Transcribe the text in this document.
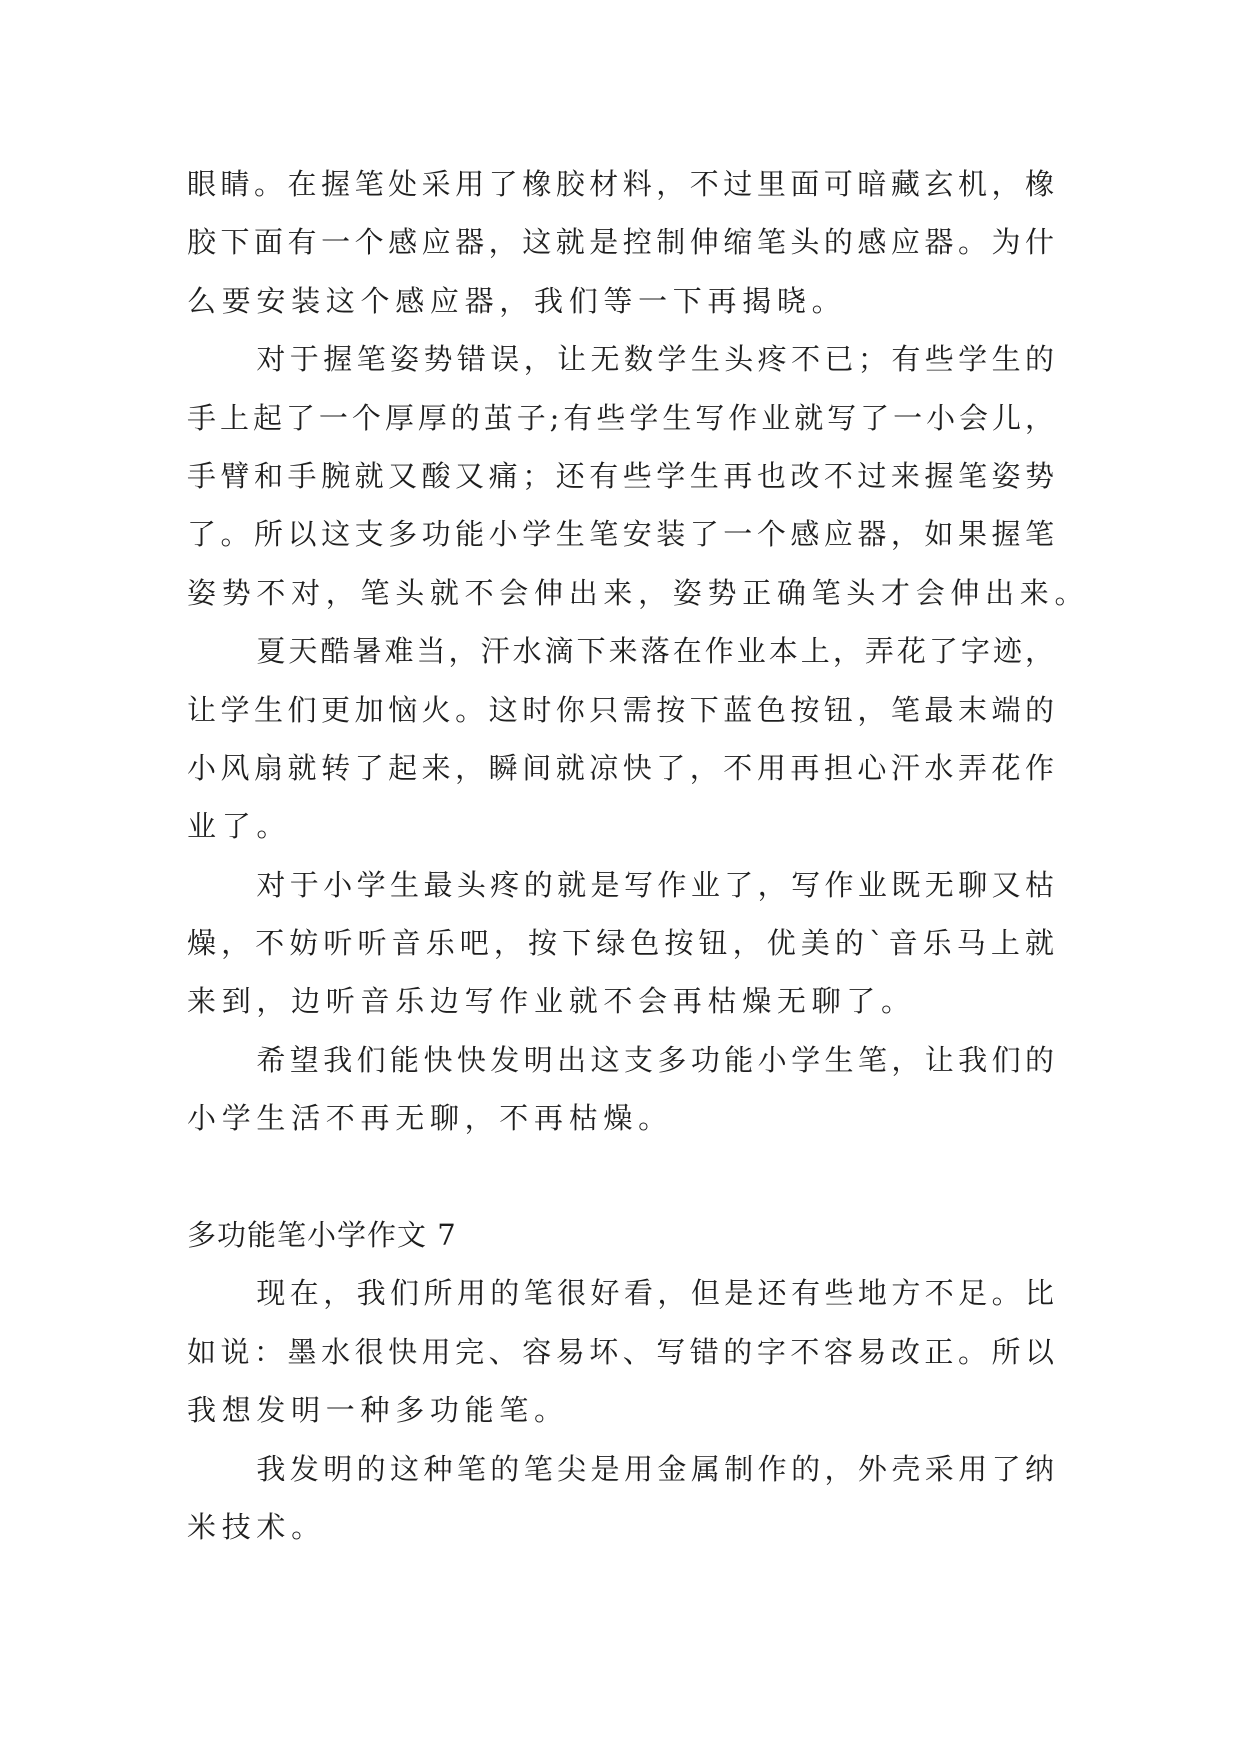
眼睛。在握笔处采用了橡胶材料，不过里面可暗藏玄机，橡
胶下面有一个感应器，这就是控制伸缩笔头的感应器。为什
么要安装这个感应器，我们等一下再揭晓。
对于握笔姿势错误，让无数学生头疼不已；有些学生的
手上起了一个厚厚的茧子;有些学生写作业就写了一小会儿，
手臂和手腕就又酸又痛；还有些学生再也改不过来握笔姿势
了。所以这支多功能小学生笔安装了一个感应器，如果握笔
姿势不对，笔头就不会伸出来，姿势正确笔头才会伸出来。
夏天酷暑难当，汗水滴下来落在作业本上，弄花了字迹，
让学生们更加恼火。这时你只需按下蓝色按钮，笔最末端的
小风扇就转了起来，瞬间就凉快了，不用再担心汗水弄花作
业了。
对于小学生最头疼的就是写作业了，写作业既无聊又枯
燥，不妨听听音乐吧，按下绿色按钮，优美的`音乐马上就
来到，边听音乐边写作业就不会再枯燥无聊了。
希望我们能快快发明出这支多功能小学生笔，让我们的
小学生活不再无聊，不再枯燥。
多功能笔小学作文 7
现在，我们所用的笔很好看，但是还有些地方不足。比
如说：墨水很快用完、容易坏、写错的字不容易改正。所以
我想发明一种多功能笔。
我发明的这种笔的笔尖是用金属制作的，外壳采用了纳
米技术。
